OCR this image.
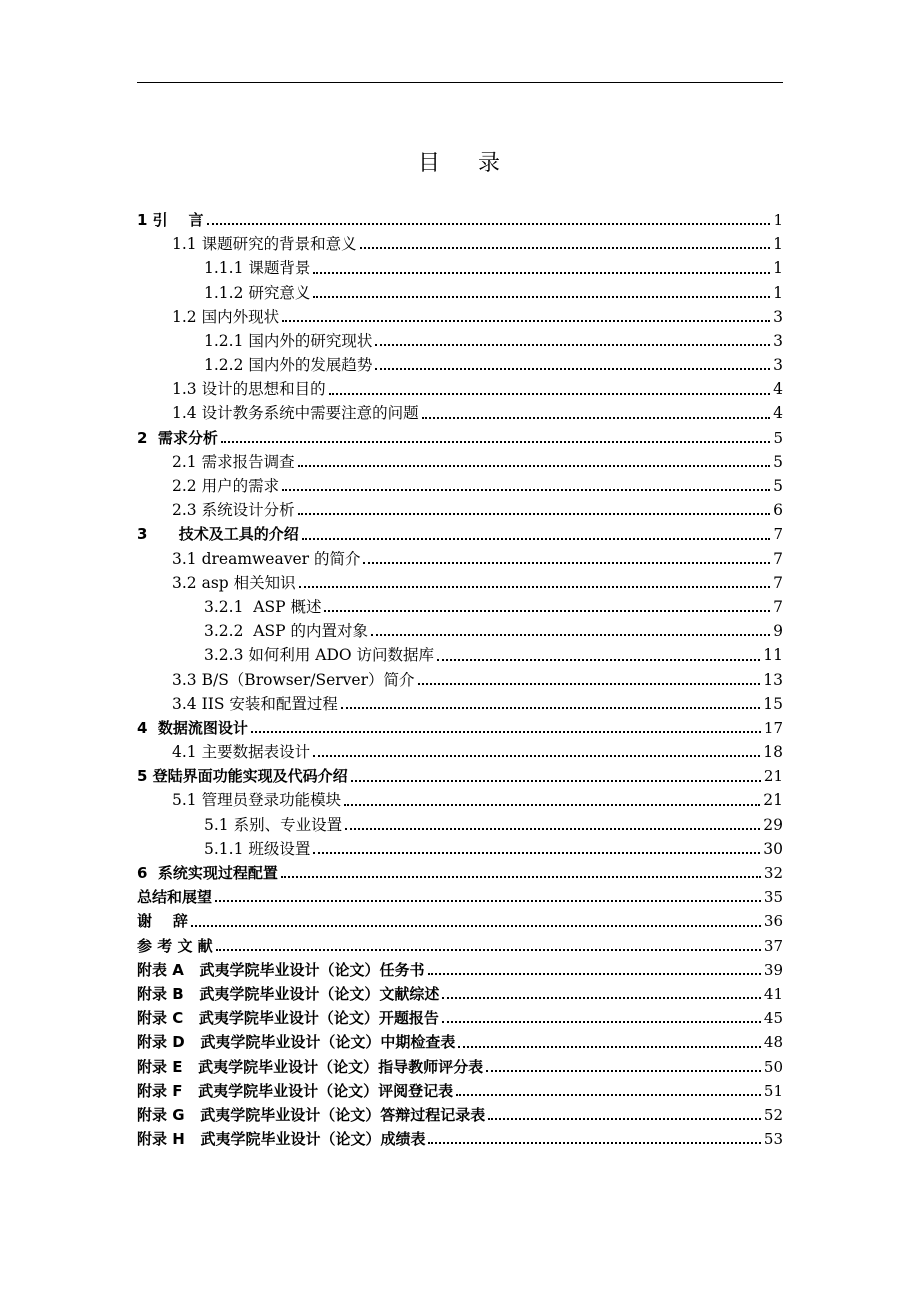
目    录
1 引    言	1
1.1 课题研究的背景和意义	1
1.1.1 课题背景	1
1.1.2 研究意义	1
1.2 国内外现状	3
1.2.1 国内外的研究现状	3
1.2.2 国内外的发展趋势	3
1.3 设计的思想和目的	4
1.4 设计教务系统中需要注意的问题	4
2  需求分析	5
2.1 需求报告调查	5
2.2 用户的需求	5
2.3 系统设计分析	6
3      技术及工具的介绍	7
3.1 dreamweaver 的简介	7
3.2 asp 相关知识	7
3.2.1  ASP 概述	7
3.2.2  ASP 的内置对象	9
3.2.3 如何利用 ADO 访问数据库	11
3.3 B/S（Browser/Server）简介	13
3.4 IIS 安装和配置过程	15
4  数据流图设计	17
4.1 主要数据表设计	18
5 登陆界面功能实现及代码介绍	21
5.1 管理员登录功能模块	21
5.1 系别、专业设置	29
5.1.1 班级设置	30
6  系统实现过程配置	32
总结和展望	35
谢    辞	36
参 考 文 献	37
附表 A   武夷学院毕业设计（论文）任务书	39
附录 B   武夷学院毕业设计（论文）文献综述	41
附录 C   武夷学院毕业设计（论文）开题报告	45
附录 D   武夷学院毕业设计（论文）中期检查表	48
附录 E   武夷学院毕业设计（论文）指导教师评分表	50
附录 F   武夷学院毕业设计（论文）评阅登记表	51
附录 G   武夷学院毕业设计（论文）答辩过程记录表	52
附录 H   武夷学院毕业设计（论文）成绩表	53
